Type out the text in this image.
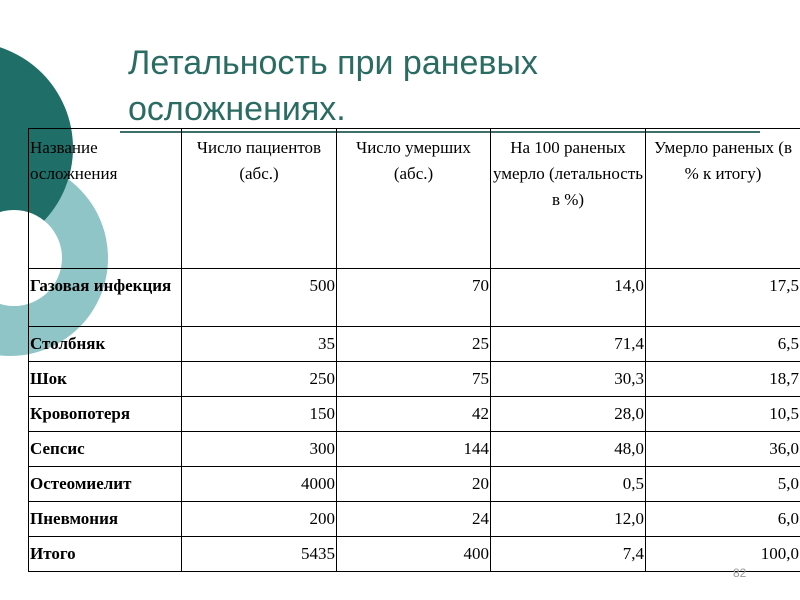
Летальность при раневых осложнениях.
Название осложнения	Число пациентов (абс.)	Число умерших (абс.)	На 100 раненых умерло (летальность в %)	Умерло раненых (в % к итогу)
Газовая инфекция	500	70	14,0	17,5
Столбняк	35	25	71,4	6,5
Шок	250	75	30,3	18,7
Кровопотеря	150	42	28,0	10,5
Сепсис	300	144	48,0	36,0
Остеомиелит	4000	20	0,5	5,0
Пневмония	200	24	12,0	6,0
Итого	5435	400	7,4	100,0
82
